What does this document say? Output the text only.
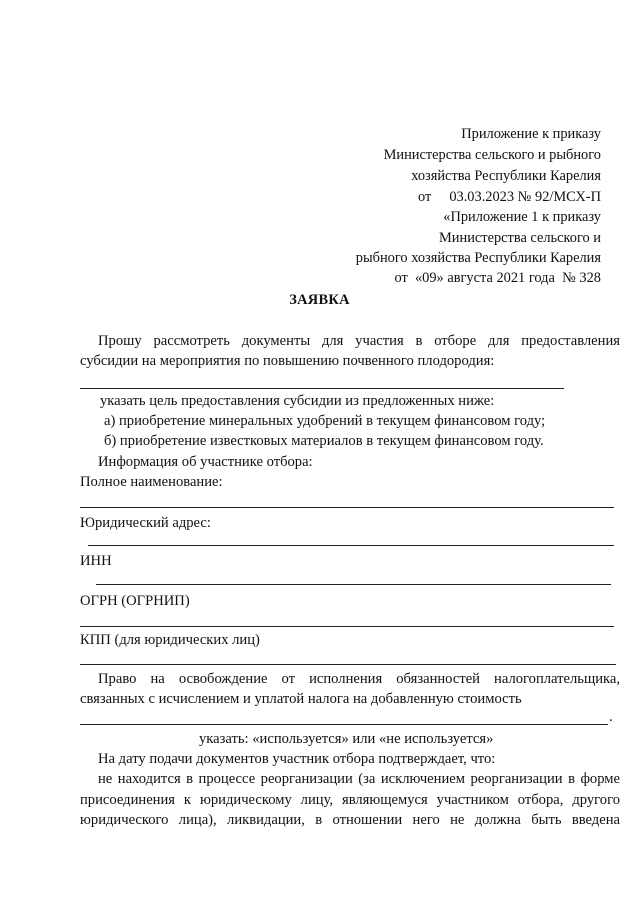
Приложение к приказу
Министерства сельского и рыбного
хозяйства Республики Карелия
от     03.03.2023 № 92/МСХ-П
«Приложение 1 к приказу
Министерства сельского и
рыбного хозяйства Республики Карелия
от  «09» августа 2021 года  № 328
ЗАЯВКА
Прошу рассмотреть документы для участия в отборе для предоставления
субсидии на мероприятия по повышению почвенного плодородия:
указать цель предоставления субсидии из предложенных ниже:
а) приобретение минеральных удобрений в текущем финансовом году;
б) приобретение известковых материалов в текущем финансовом году.
Информация об участнике отбора:
Полное наименование:
Юридический адрес:
ИНН
ОГРН (ОГРНИП)
КПП (для юридических лиц)
Право на освобождение от исполнения обязанностей налогоплательщика,
связанных с исчислением и уплатой налога на добавленную стоимость
.
указать: «используется» или «не используется»
На дату подачи документов участник отбора подтверждает, что:
не находится в процессе реорганизации (за исключением реорганизации в форме
присоединения к юридическому лицу, являющемуся участником отбора, другого
юридического лица), ликвидации, в отношении него не должна быть введена
